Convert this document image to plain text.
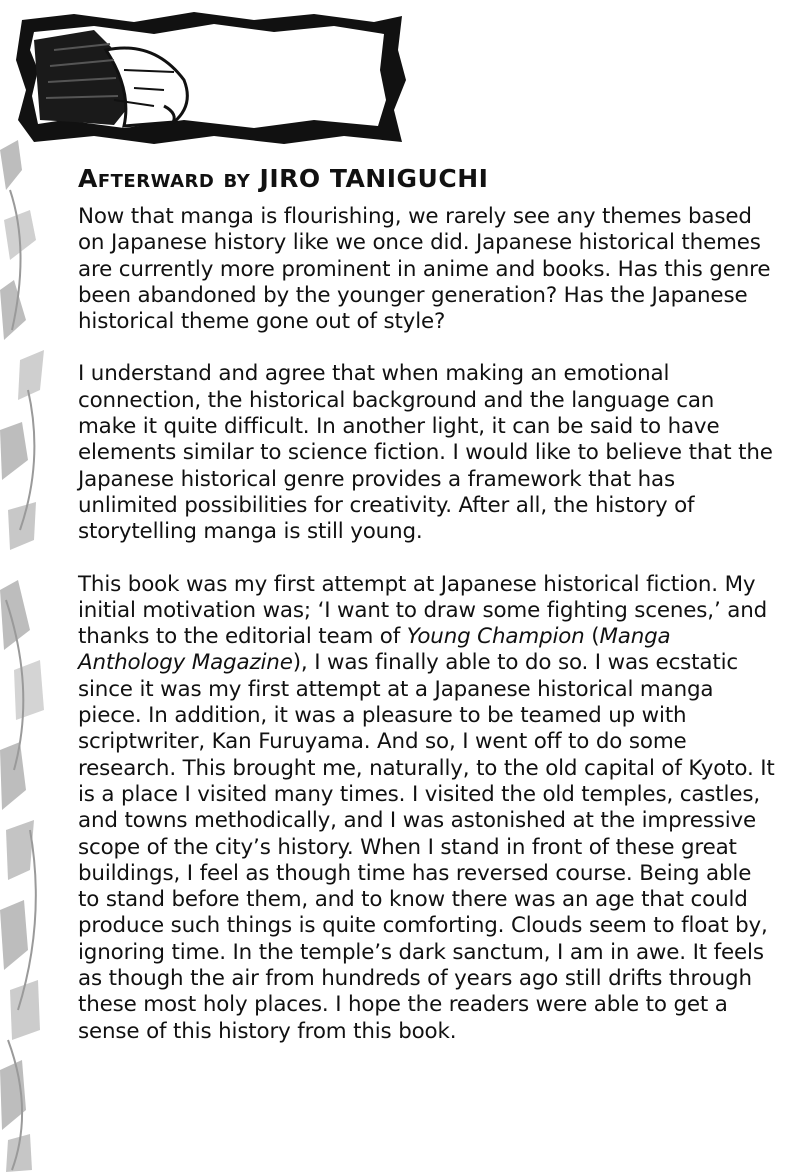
Afterward by JIRO TANIGUCHI

Now that manga is flourishing, we rarely see any themes based on Japanese history like we once did. Japanese historical themes are currently more prominent in anime and books. Has this genre been abandoned by the younger generation? Has the Japanese historical theme gone out of style?

I understand and agree that when making an emotional connection, the historical background and the language can make it quite difficult. In another light, it can be said to have elements similar to science fiction. I would like to believe that the Japanese historical genre provides a framework that has unlimited possibilities for creativity. After all, the history of storytelling manga is still young.

This book was my first attempt at Japanese historical fiction. My initial motivation was; ‘I want to draw some fighting scenes,’ and thanks to the editorial team of Young Champion (Manga Anthology Magazine), I was finally able to do so. I was ecstatic since it was my first attempt at a Japanese historical manga piece. In addition, it was a pleasure to be teamed up with scriptwriter, Kan Furuyama. And so, I went off to do some research. This brought me, naturally, to the old capital of Kyoto. It is a place I visited many times. I visited the old temples, castles, and towns methodically, and I was astonished at the impressive scope of the city’s history. When I stand in front of these great buildings, I feel as though time has reversed course. Being able to stand before them, and to know there was an age that could produce such things is quite comforting. Clouds seem to float by, ignoring time. In the temple’s dark sanctum, I am in awe. It feels as though the air from hundreds of years ago still drifts through these most holy places. I hope the readers were able to get a sense of this history from this book.
